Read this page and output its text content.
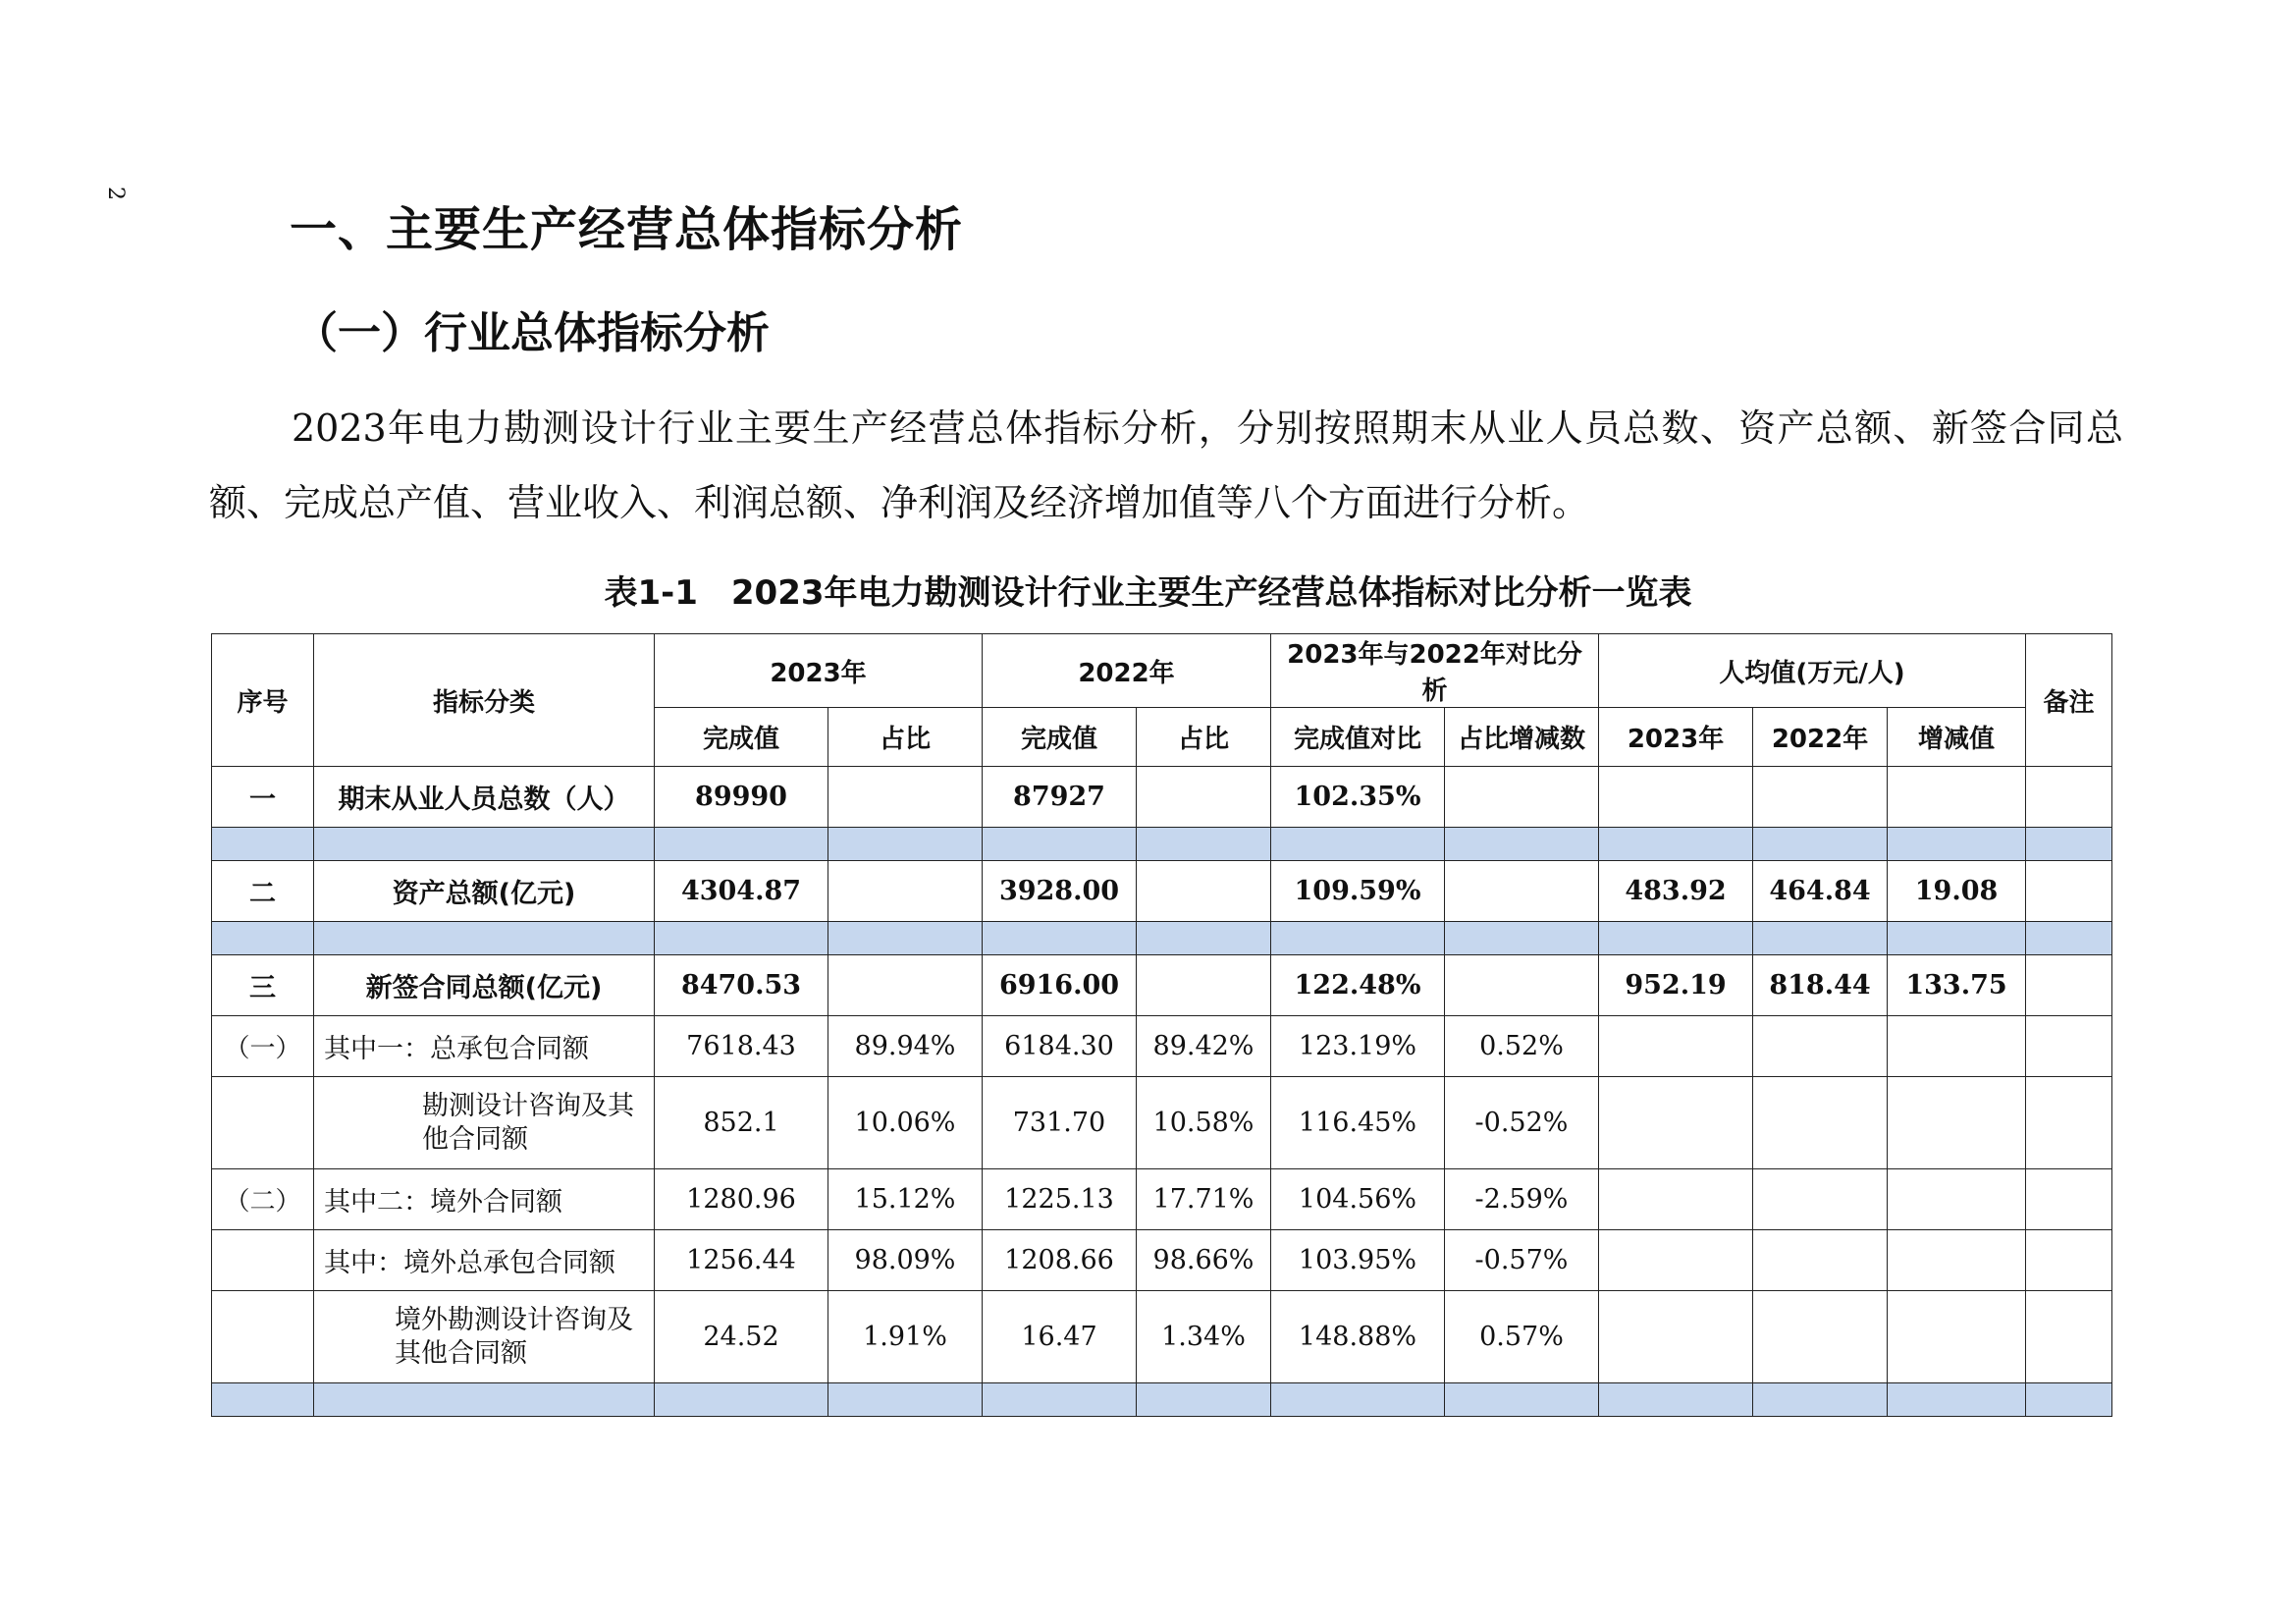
2
一、主要生产经营总体指标分析
（一）行业总体指标分析
2023年电力勘测设计行业主要生产经营总体指标分析，分别按照期末从业人员总数、资产总额、新签合同总额、完成总产值、营业收入、利润总额、净利润及经济增加值等八个方面进行分析。
表1-1　2023年电力勘测设计行业主要生产经营总体指标对比分析一览表
序号	指标分类	2023年		2022年		2023年与2022年对比分析		人均值(万元/人)			备注
		完成值	占比	完成值	占比	完成值对比	占比增减数	2023年	2022年	增减值	
一	期末从业人员总数（人）	89990		87927		102.35%					

二	资产总额(亿元)	4304.87		3928.00		109.59%		483.92	464.84	19.08	

三	新签合同总额(亿元)	8470.53		6916.00		122.48%		952.19	818.44	133.75	
（一）	其中一：总承包合同额	7618.43	89.94%	6184.30	89.42%	123.19%	0.52%				
	勘测设计咨询及其他合同额	852.1	10.06%	731.70	10.58%	116.45%	-0.52%				
（二）	其中二：境外合同额	1280.96	15.12%	1225.13	17.71%	104.56%	-2.59%				
	其中：境外总承包合同额	1256.44	98.09%	1208.66	98.66%	103.95%	-0.57%				
	境外勘测设计咨询及其他合同额	24.52	1.91%	16.47	1.34%	148.88%	0.57%				
